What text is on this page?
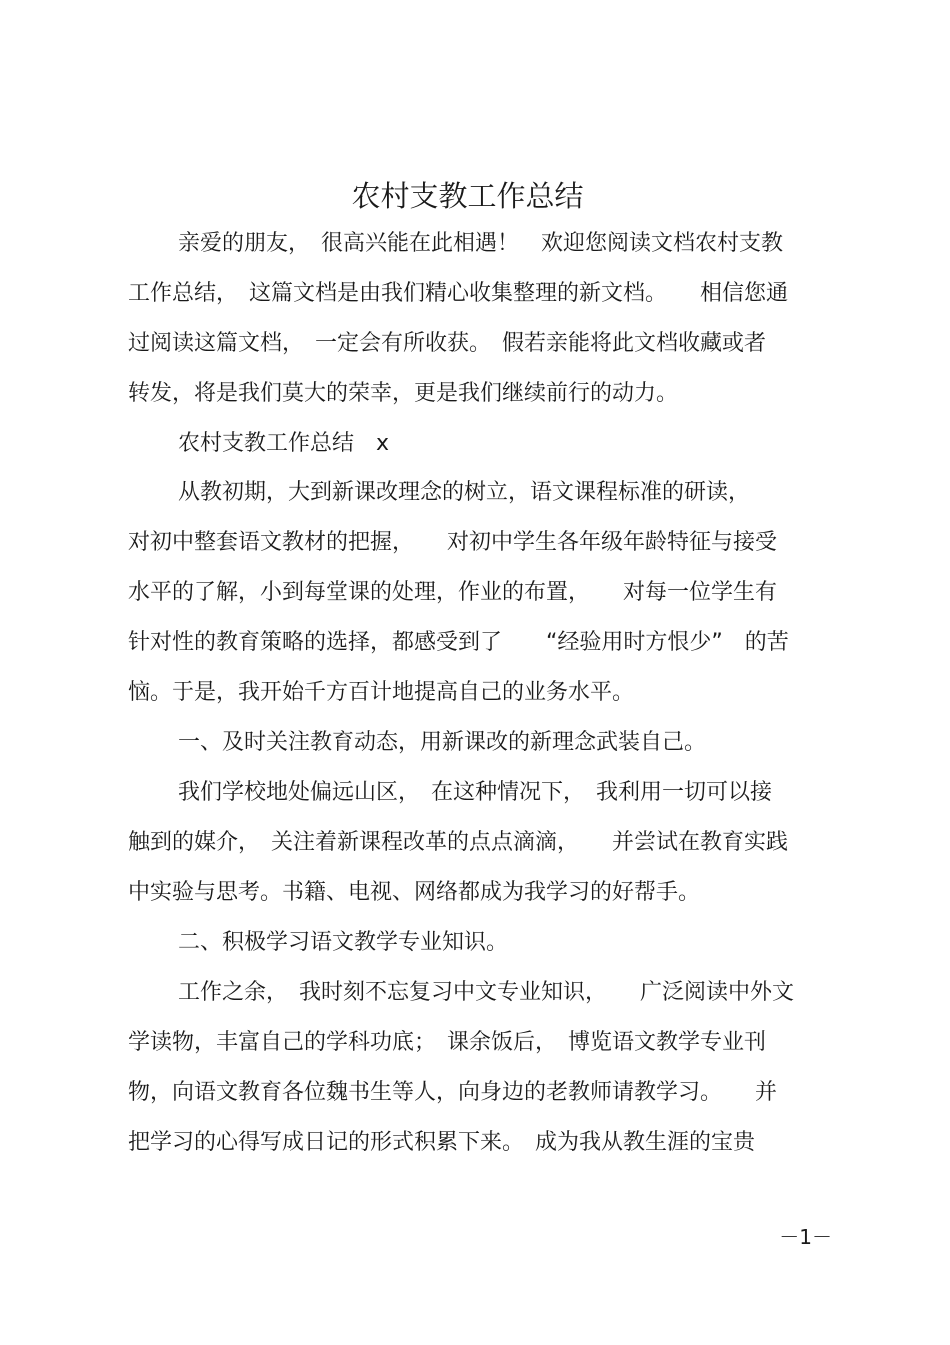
农村支教工作总结
亲爱的朋友，　很高兴能在此相遇！　欢迎您阅读文档农村支教
工作总结，　这篇文档是由我们精心收集整理的新文档。　　相信您通
过阅读这篇文档，　一定会有所收获。　假若亲能将此文档收藏或者
转发，将是我们莫大的荣幸，更是我们继续前行的动力。
农村支教工作总结　x
从教初期，大到新课改理念的树立，语文课程标准的研读，
对初中整套语文教材的把握，　　对初中学生各年级年龄特征与接受
水平的了解，小到每堂课的处理，作业的布置，　　对每一位学生有
针对性的教育策略的选择，都感受到了　　“经验用时方恨少”　的苦
恼。于是，我开始千方百计地提高自己的业务水平。
一、及时关注教育动态，用新课改的新理念武装自己。
我们学校地处偏远山区，　在这种情况下，　我利用一切可以接
触到的媒介，　关注着新课程改革的点点滴滴，　　并尝试在教育实践
中实验与思考。书籍、电视、网络都成为我学习的好帮手。
二、积极学习语文教学专业知识。
工作之余，　我时刻不忘复习中文专业知识，　　广泛阅读中外文
学读物，丰富自己的学科功底；　课余饭后，　博览语文教学专业刊
物，向语文教育各位魏书生等人，向身边的老教师请教学习。　　并
把学习的心得写成日记的形式积累下来。　成为我从教生涯的宝贵
－1－
